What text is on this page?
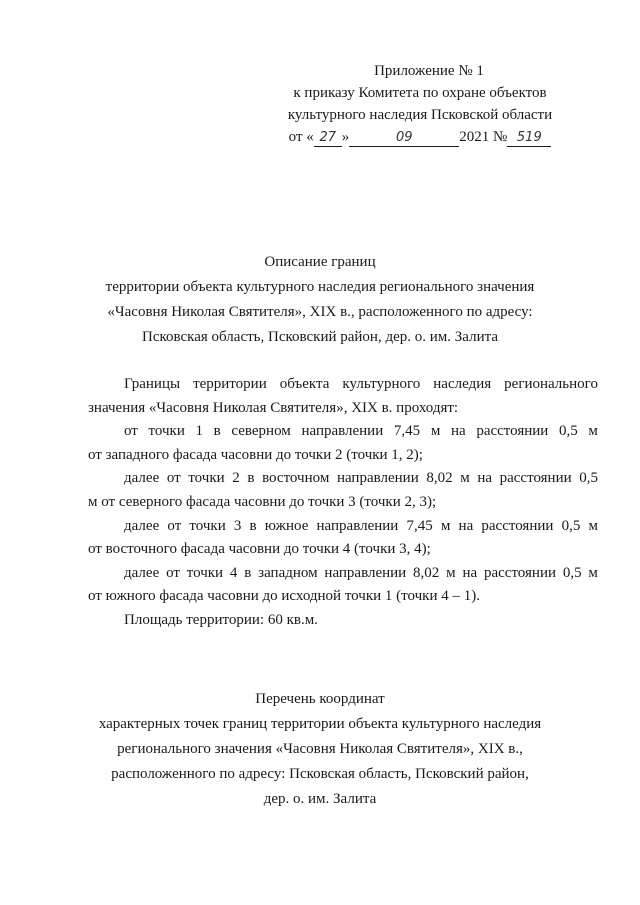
Приложение № 1
к приказу Комитета по охране объектов
культурного наследия Псковской области
от « 27 »	09	2021 № 519
Описание границ
территории объекта культурного наследия регионального значения
«Часовня Николая Святителя», XIX в., расположенного по адресу:
Псковская область, Псковский район, дер. о. им. Залита
Границы территории объекта культурного наследия регионального
значения «Часовня Николая Святителя», XIX в. проходят:
от точки 1 в северном направлении 7,45 м на расстоянии 0,5 м
от западного фасада часовни до точки 2 (точки 1, 2);
далее от точки 2 в восточном направлении 8,02 м на расстоянии 0,5
м от северного фасада часовни до точки 3 (точки 2, 3);
далее от точки 3 в южное направлении 7,45 м на расстоянии 0,5 м
от восточного фасада часовни до точки 4 (точки 3, 4);
далее от точки 4 в западном направлении 8,02 м на расстоянии 0,5 м
от южного фасада часовни до исходной точки 1 (точки 4 – 1).
Площадь территории: 60 кв.м.
Перечень координат
характерных точек границ территории объекта культурного наследия
регионального значения «Часовня Николая Святителя», XIX в.,
расположенного по адресу: Псковская область, Псковский район,
дер. о. им. Залита
